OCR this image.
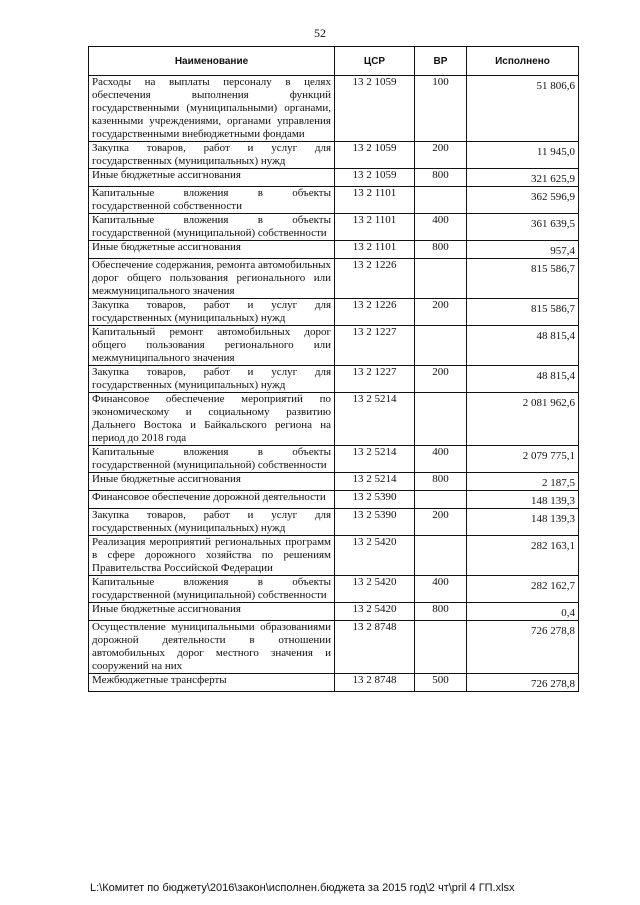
52
Наименование	ЦСР	ВР	Исполнено
Расходы на выплаты персоналу в целях обеспечения выполнения функций государственными (муниципальными) органами, казенными учреждениями, органами управления государственными внебюджетными фондами	13 2 1059	100	51 806,6
Закупка товаров, работ и услуг для государственных (муниципальных) нужд	13 2 1059	200	11 945,0
Иные бюджетные ассигнования	13 2 1059	800	321 625,9
Капитальные вложения в объекты государственной собственности	13 2 1101		362 596,9
Капитальные вложения в объекты государственной (муниципальной) собственности	13 2 1101	400	361 639,5
Иные бюджетные ассигнования	13 2 1101	800	957,4
Обеспечение содержания, ремонта автомобильных дорог общего пользования регионального или межмуниципального значения	13 2 1226		815 586,7
Закупка товаров, работ и услуг для государственных (муниципальных) нужд	13 2 1226	200	815 586,7
Капитальный ремонт автомобильных дорог общего пользования регионального или межмуниципального значения	13 2 1227		48 815,4
Закупка товаров, работ и услуг для государственных (муниципальных) нужд	13 2 1227	200	48 815,4
Финансовое обеспечение мероприятий по экономическому и социальному развитию Дальнего Востока и Байкальского региона на период до 2018 года	13 2 5214		2 081 962,6
Капитальные вложения в объекты государственной (муниципальной) собственности	13 2 5214	400	2 079 775,1
Иные бюджетные ассигнования	13 2 5214	800	2 187,5
Финансовое обеспечение дорожной деятельности	13 2 5390		148 139,3
Закупка товаров, работ и услуг для государственных (муниципальных) нужд	13 2 5390	200	148 139,3
Реализация мероприятий региональных программ в сфере дорожного хозяйства по решениям Правительства Российской Федерации	13 2 5420		282 163,1
Капитальные вложения в объекты государственной (муниципальной) собственности	13 2 5420	400	282 162,7
Иные бюджетные ассигнования	13 2 5420	800	0,4
Осуществление муниципальными образованиями дорожной деятельности в отношении автомобильных дорог местного значения и сооружений на них	13 2 8748		726 278,8
Межбюджетные трансферты	13 2 8748	500	726 278,8
L:\Комитет по бюджету\2016\закон\исполнен.бюджета за 2015 год\2 чт\pril 4 ГП.xlsx
